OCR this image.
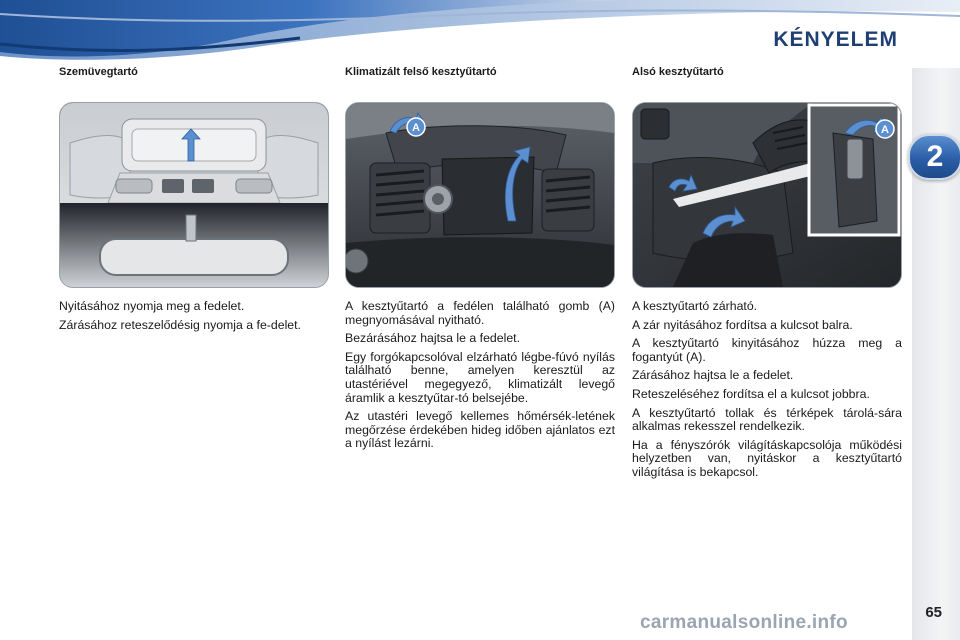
KÉNYELEM
2
65
Szemüvegtartó

Nyitásához nyomja meg a fedelet.

Zárásához reteszelődésig nyomja a fe-delet.

Klimatizált felső kesztyűtartó
A

A kesztyűtartó a fedélen található gomb (A) megnyomásával nyitható.

Bezárásához hajtsa le a fedelet.

Egy forgókapcsolóval elzárható légbe-fúvó nyílás található benne, amelyen keresztül az utastériével megegyező, klimatizált levegő áramlik a kesztyűtar-tó belsejébe.

Az utastéri levegő kellemes hőmérsék-letének megőrzése érdekében hideg időben ajánlatos ezt a nyílást lezárni.

Alsó kesztyűtartó
A

A kesztyűtartó zárható.

A zár nyitásához fordítsa a kulcsot balra.

A kesztyűtartó kinyitásához húzza meg a fogantyút (A).

Zárásához hajtsa le a fedelet.

Reteszeléséhez fordítsa el a kulcsot jobbra.

A kesztyűtartó tollak és térképek tárolá-sára alkalmas rekesszel rendelkezik.

Ha a fényszórók világításkapcsolója működési helyzetben van, nyitáskor a kesztyűtartó világítása is bekapcsol.

carmanualsonline.info
